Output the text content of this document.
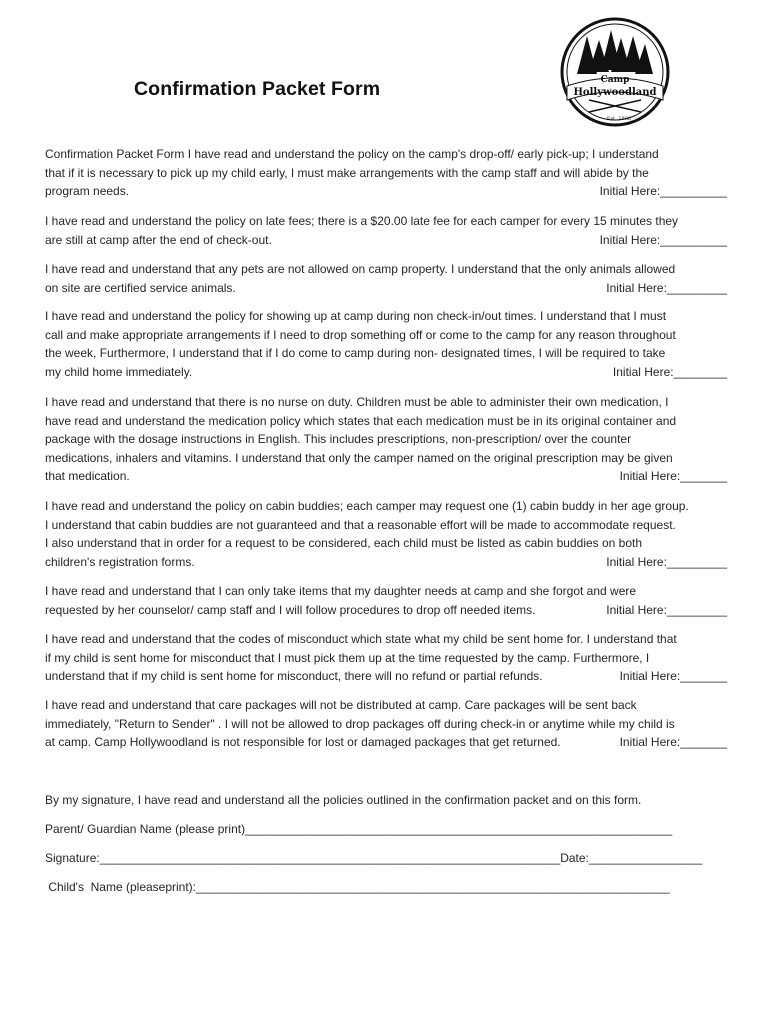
Camp
Hollywoodland
Est. 1936
Confirmation Packet Form
Confirmation Packet Form I have read and understand the policy on the camp's drop-off/ early pick-up; I understand
that if it is necessary to pick up my child early, I must make arrangements with the camp staff and will abide by the
program needs.	Initial Here:__________
I have read and understand the policy on late fees; there is a $20.00 late fee for each camper for every 15 minutes they
are still at camp after the end of check-out.	Initial Here:__________
I have read and understand that any pets are not allowed on camp property. I understand that the only animals allowed
on site are certified service animals.	Initial Here:_________
I have read and understand the policy for showing up at camp during non check-in/out times. I understand that I must
call and make appropriate arrangements if I need to drop something off or come to the camp for any reason throughout
the week, Furthermore, I understand that if I do come to camp during non- designated times, I will be required to take
my child home immediately.	Initial Here:________
I have read and understand that there is no nurse on duty. Children must be able to administer their own medication, I
have read and understand the medication policy which states that each medication must be in its original container and
package with the dosage instructions in English. This includes prescriptions, non-prescription/ over the counter
medications, inhalers and vitamins. I understand that only the camper named on the original prescription may be given
that medication.	Initial Here:_______
I have read and understand the policy on cabin buddies; each camper may request one (1) cabin buddy in her age group.
I understand that cabin buddies are not guaranteed and that a reasonable effort will be made to accommodate request.
I also understand that in order for a request to be considered, each child must be listed as cabin buddies on both
children's registration forms.	Initial Here:_________
I have read and understand that I can only take items that my daughter needs at camp and she forgot and were
requested by her counselor/ camp staff and I will follow procedures to drop off needed items.	Initial Here:_________
I have read and understand that the codes of misconduct which state what my child be sent home for. I understand that
if my child is sent home for misconduct that I must pick them up at the time requested by the camp. Furthermore, I
understand that if my child is sent home for misconduct, there will no refund or partial refunds.	Initial Here:_______
I have read and understand that care packages will not be distributed at camp. Care packages will be sent back
immediately, "Return to Sender" . I will not be allowed to drop packages off during check-in or anytime while my child is
at camp. Camp Hollywoodland is not responsible for lost or damaged packages that get returned.	Initial Here:_______
By my signature, I have read and understand all the policies outlined in the confirmation packet and on this form.
Parent/ Guardian Name (please print)________________________________________________________________
Signature:_____________________________________________________________________Date:_________________
Child's  Name (pleaseprint):_______________________________________________________________________
